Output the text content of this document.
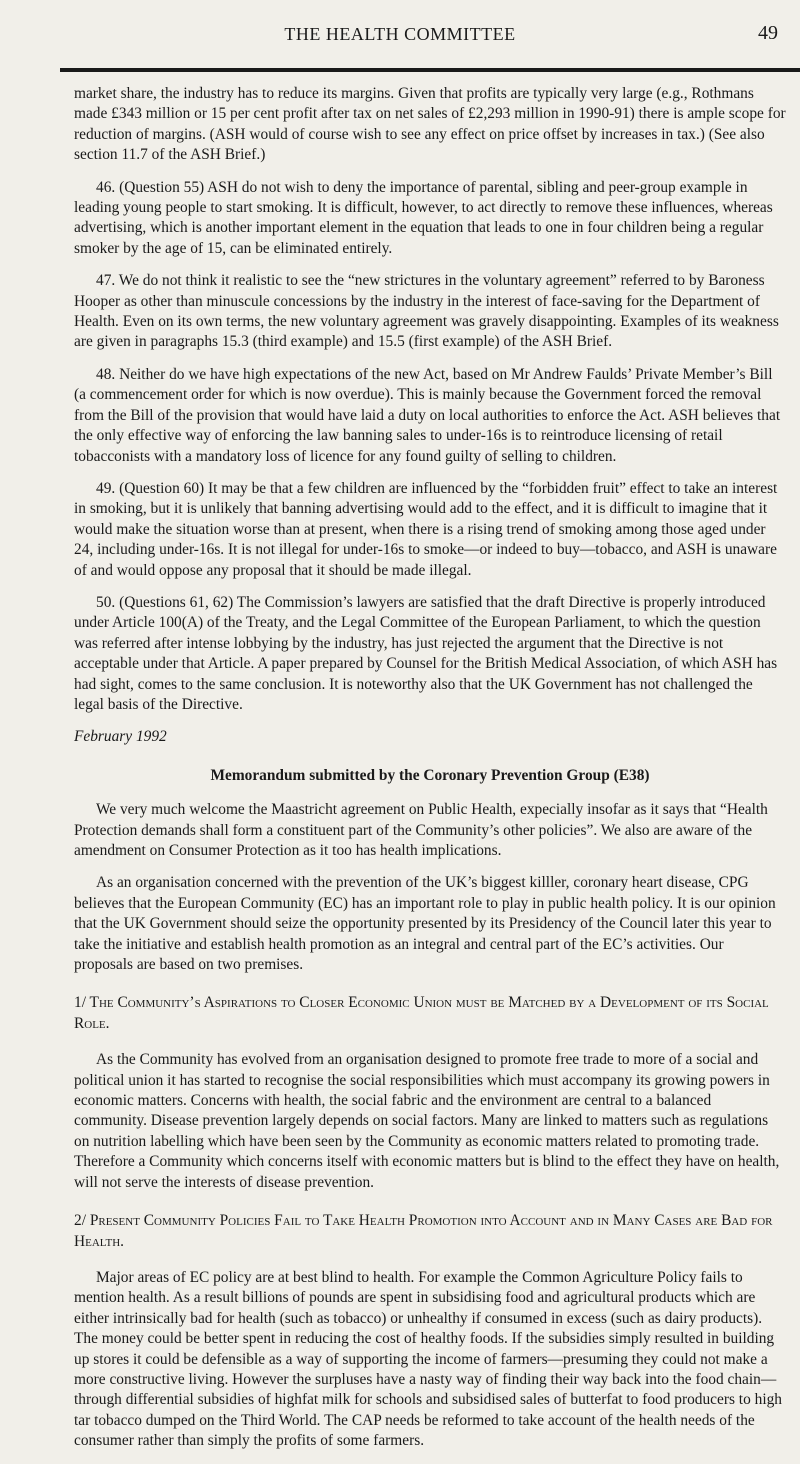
THE HEALTH COMMITTEE	49

market share, the industry has to reduce its margins. Given that profits are typically very large (e.g., Rothmans made £343 million or 15 per cent profit after tax on net sales of £2,293 million in 1990-91) there is ample scope for reduction of margins. (ASH would of course wish to see any effect on price offset by increases in tax.) (See also section 11.7 of the ASH Brief.)

46. (Question 55) ASH do not wish to deny the importance of parental, sibling and peer-group example in leading young people to start smoking. It is difficult, however, to act directly to remove these influences, whereas advertising, which is another important element in the equation that leads to one in four children being a regular smoker by the age of 15, can be eliminated entirely.

47. We do not think it realistic to see the “new strictures in the voluntary agreement” referred to by Baroness Hooper as other than minuscule concessions by the industry in the interest of face-saving for the Department of Health. Even on its own terms, the new voluntary agreement was gravely disappointing. Examples of its weakness are given in paragraphs 15.3 (third example) and 15.5 (first example) of the ASH Brief.

48. Neither do we have high expectations of the new Act, based on Mr Andrew Faulds’ Private Member’s Bill (a commencement order for which is now overdue). This is mainly because the Government forced the removal from the Bill of the provision that would have laid a duty on local authorities to enforce the Act. ASH believes that the only effective way of enforcing the law banning sales to under-16s is to reintroduce licensing of retail tobacconists with a mandatory loss of licence for any found guilty of selling to children.

49. (Question 60) It may be that a few children are influenced by the “forbidden fruit” effect to take an interest in smoking, but it is unlikely that banning advertising would add to the effect, and it is difficult to imagine that it would make the situation worse than at present, when there is a rising trend of smoking among those aged under 24, including under-16s. It is not illegal for under-16s to smoke—or indeed to buy—tobacco, and ASH is unaware of and would oppose any proposal that it should be made illegal.

50. (Questions 61, 62) The Commission’s lawyers are satisfied that the draft Directive is properly introduced under Article 100(A) of the Treaty, and the Legal Committee of the European Parliament, to which the question was referred after intense lobbying by the industry, has just rejected the argument that the Directive is not acceptable under that Article. A paper prepared by Counsel for the British Medical Association, of which ASH has had sight, comes to the same conclusion. It is noteworthy also that the UK Government has not challenged the legal basis of the Directive.

February 1992

Memorandum submitted by the Coronary Prevention Group (E38)

We very much welcome the Maastricht agreement on Public Health, expecially insofar as it says that “Health Protection demands shall form a constituent part of the Community’s other policies”. We also are aware of the amendment on Consumer Protection as it too has health implications.

As an organisation concerned with the prevention of the UK’s biggest killler, coronary heart disease, CPG believes that the European Community (EC) has an important role to play in public health policy. It is our opinion that the UK Government should seize the opportunity presented by its Presidency of the Council later this year to take the initiative and establish health promotion as an integral and central part of the EC’s activities. Our proposals are based on two premises.

1/ The Community’s Aspirations to Closer Economic Union must be Matched by a Development of its Social Role.

As the Community has evolved from an organisation designed to promote free trade to more of a social and political union it has started to recognise the social responsibilities which must accompany its growing powers in economic matters. Concerns with health, the social fabric and the environment are central to a balanced community. Disease prevention largely depends on social factors. Many are linked to matters such as regulations on nutrition labelling which have been seen by the Community as economic matters related to promoting trade. Therefore a Community which concerns itself with economic matters but is blind to the effect they have on health, will not serve the interests of disease prevention.

2/ Present Community Policies Fail to Take Health Promotion into Account and in Many Cases are Bad for Health.

Major areas of EC policy are at best blind to health. For example the Common Agriculture Policy fails to mention health. As a result billions of pounds are spent in subsidising food and agricultural products which are either intrinsically bad for health (such as tobacco) or unhealthy if consumed in excess (such as dairy products). The money could be better spent in reducing the cost of healthy foods. If the subsidies simply resulted in building up stores it could be defensible as a way of supporting the income of farmers—presuming they could not make a more constructive living. However the surpluses have a nasty way of finding their way back into the food chain—through differential subsidies of highfat milk for schools and subsidised sales of butterfat to food producers to high tar tobacco dumped on the Third World. The CAP needs be reformed to take account of the health needs of the consumer rather than simply the profits of some farmers.
